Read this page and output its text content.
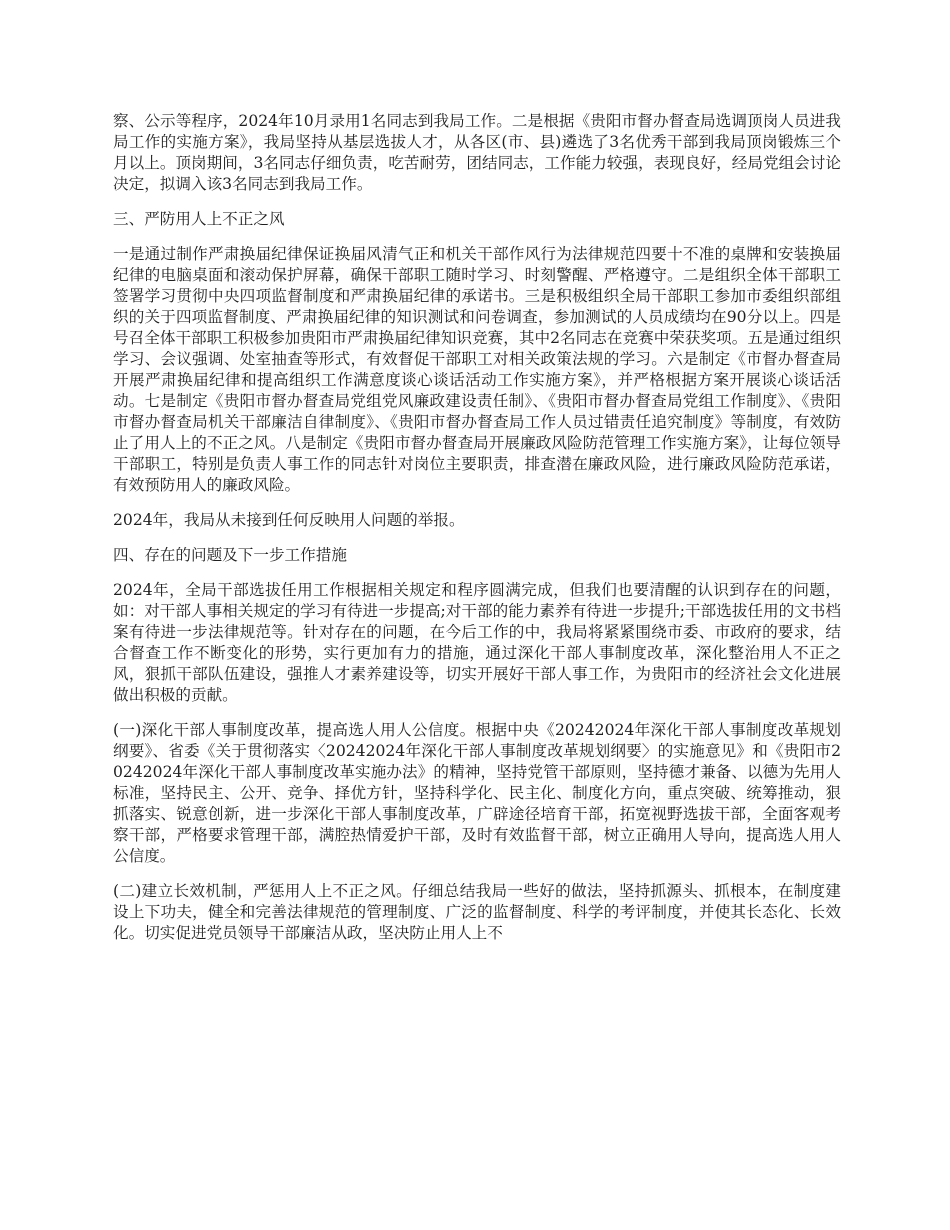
察、公示等程序，2024年10月录用1名同志到我局工作。二是根据《贵阳市督办督查局选调顶岗人员进我局工作的实施方案》，我局坚持从基层选拔人才，从各区(市、县)遴选了3名优秀干部到我局顶岗锻炼三个月以上。顶岗期间，3名同志仔细负责，吃苦耐劳，团结同志，工作能力较强，表现良好，经局党组会讨论决定，拟调入该3名同志到我局工作。

三、严防用人上不正之风

一是通过制作严肃换届纪律保证换届风清气正和机关干部作风行为法律规范四要十不准的桌牌和安装换届纪律的电脑桌面和滚动保护屏幕，确保干部职工随时学习、时刻警醒、严格遵守。二是组织全体干部职工签署学习贯彻中央四项监督制度和严肃换届纪律的承诺书。三是积极组织全局干部职工参加市委组织部组织的关于四项监督制度、严肃换届纪律的知识测试和问卷调查，参加测试的人员成绩均在90分以上。四是号召全体干部职工积极参加贵阳市严肃换届纪律知识竞赛，其中2名同志在竞赛中荣获奖项。五是通过组织学习、会议强调、处室抽查等形式，有效督促干部职工对相关政策法规的学习。六是制定《市督办督查局开展严肃换届纪律和提高组织工作满意度谈心谈话活动工作实施方案》，并严格根据方案开展谈心谈话活动。七是制定《贵阳市督办督查局党组党风廉政建设责任制》、《贵阳市督办督查局党组工作制度》、《贵阳市督办督查局机关干部廉洁自律制度》、《贵阳市督办督查局工作人员过错责任追究制度》等制度，有效防止了用人上的不正之风。八是制定《贵阳市督办督查局开展廉政风险防范管理工作实施方案》，让每位领导干部职工，特别是负责人事工作的同志针对岗位主要职责，排查潜在廉政风险，进行廉政风险防范承诺，有效预防用人的廉政风险。

2024年，我局从未接到任何反映用人问题的举报。

四、存在的问题及下一步工作措施

2024年，全局干部选拔任用工作根据相关规定和程序圆满完成，但我们也要清醒的认识到存在的问题，如：对干部人事相关规定的学习有待进一步提高;对干部的能力素养有待进一步提升;干部选拔任用的文书档案有待进一步法律规范等。针对存在的问题，在今后工作的中，我局将紧紧围绕市委、市政府的要求，结合督查工作不断变化的形势，实行更加有力的措施，通过深化干部人事制度改革，深化整治用人不正之风，狠抓干部队伍建设，强推人才素养建设等，切实开展好干部人事工作，为贵阳市的经济社会文化进展做出积极的贡献。

(一)深化干部人事制度改革，提高选人用人公信度。根据中央《20242024年深化干部人事制度改革规划纲要》、省委《关于贯彻落实〈20242024年深化干部人事制度改革规划纲要〉的实施意见》和《贵阳市20242024年深化干部人事制度改革实施办法》的精神，坚持党管干部原则，坚持德才兼备、以德为先用人标准，坚持民主、公开、竞争、择优方针，坚持科学化、民主化、制度化方向，重点突破、统筹推动，狠抓落实、锐意创新，进一步深化干部人事制度改革，广辟途径培育干部，拓宽视野选拔干部，全面客观考察干部，严格要求管理干部，满腔热情爱护干部，及时有效监督干部，树立正确用人导向，提高选人用人公信度。

(二)建立长效机制，严惩用人上不正之风。仔细总结我局一些好的做法，坚持抓源头、抓根本，在制度建设上下功夫，健全和完善法律规范的管理制度、广泛的监督制度、科学的考评制度，并使其长态化、长效化。切实促进党员领导干部廉洁从政，坚决防止用人上不
